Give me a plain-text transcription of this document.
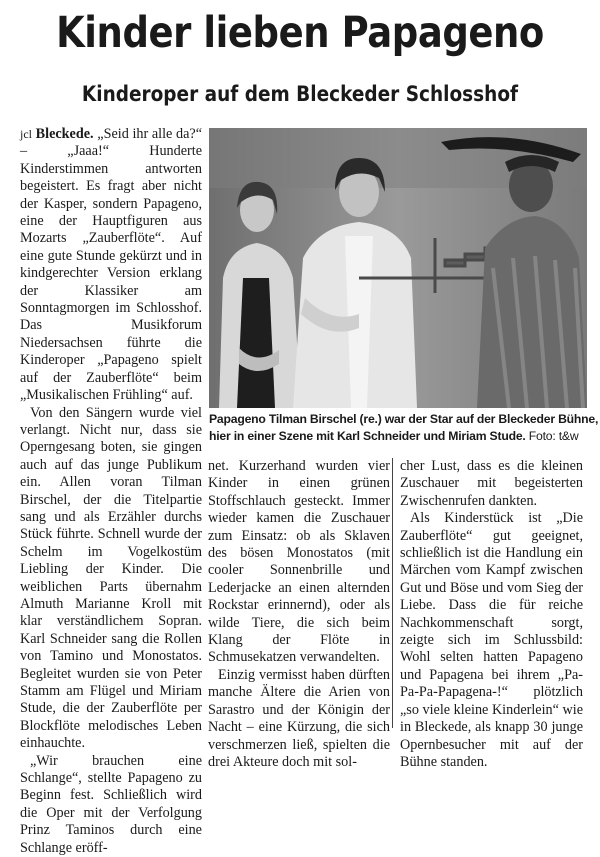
Kinder lieben Papageno
Kinderoper auf dem Bleckeder Schlosshof

jcl Bleckede. „Seid ihr alle da?“ – „Jaaa!“ Hunderte Kinderstimmen antworten begeistert. Es fragt aber nicht der Kasper, sondern Papageno, eine der Hauptfiguren aus Mozarts „Zauberflöte“. Auf eine gute Stunde gekürzt und in kindgerechter Version erklang der Klassiker am Sonntagmorgen im Schlosshof. Das Musikforum Niedersachsen führte die Kinderoper „Papageno spielt auf der Zauberflöte“ beim „Musikalischen Frühling“ auf.

Von den Sängern wurde viel verlangt. Nicht nur, dass sie Operngesang boten, sie gingen auch auf das junge Publikum ein. Allen voran Tilman Birschel, der die Titelpartie sang und als Erzähler durchs Stück führte. Schnell wurde der Schelm im Vogelkostüm Liebling der Kinder. Die weiblichen Parts übernahm Almuth Marianne Kroll mit klar verständlichem Sopran. Karl Schneider sang die Rollen von Tamino und Monostatos. Begleitet wurden sie von Peter Stamm am Flügel und Miriam Stude, die der Zauberflöte per Blockflöte melodisches Leben einhauchte.

„Wir brauchen eine Schlange“, stellte Papageno zu Beginn fest. Schließlich wird die Oper mit der Verfolgung Prinz Taminos durch eine Schlange eröff-

Papageno Tilman Birschel (re.) war der Star auf der Bleckeder Bühne,
hier in einer Szene mit Karl Schneider und Miriam Stude. Foto: t&w

net. Kurzerhand wurden vier Kinder in einen grünen Stoffschlauch gesteckt. Immer wieder kamen die Zuschauer zum Einsatz: ob als Sklaven des bösen Monostatos (mit cooler Sonnenbrille und Lederjacke an einen alternden Rockstar erinnernd), oder als wilde Tiere, die sich beim Klang der Flöte in Schmusekatzen verwandelten.

Einzig vermisst haben dürften manche Ältere die Arien von Sarastro und der Königin der Nacht – eine Kürzung, die sich verschmerzen ließ, spielten die drei Akteure doch mit sol-

cher Lust, dass es die kleinen Zuschauer mit begeisterten Zwischenrufen dankten.

Als Kinderstück ist „Die Zauberflöte“ gut geeignet, schließlich ist die Handlung ein Märchen vom Kampf zwischen Gut und Böse und vom Sieg der Liebe. Dass die für reiche Nachkommenschaft sorgt, zeigte sich im Schlussbild: Wohl selten hatten Papageno und Papagena bei ihrem „Pa-Pa-Pa-Papagena-!“ plötzlich „so viele kleine Kinderlein“ wie in Bleckede, als knapp 30 junge Opernbesucher mit auf der Bühne standen.
